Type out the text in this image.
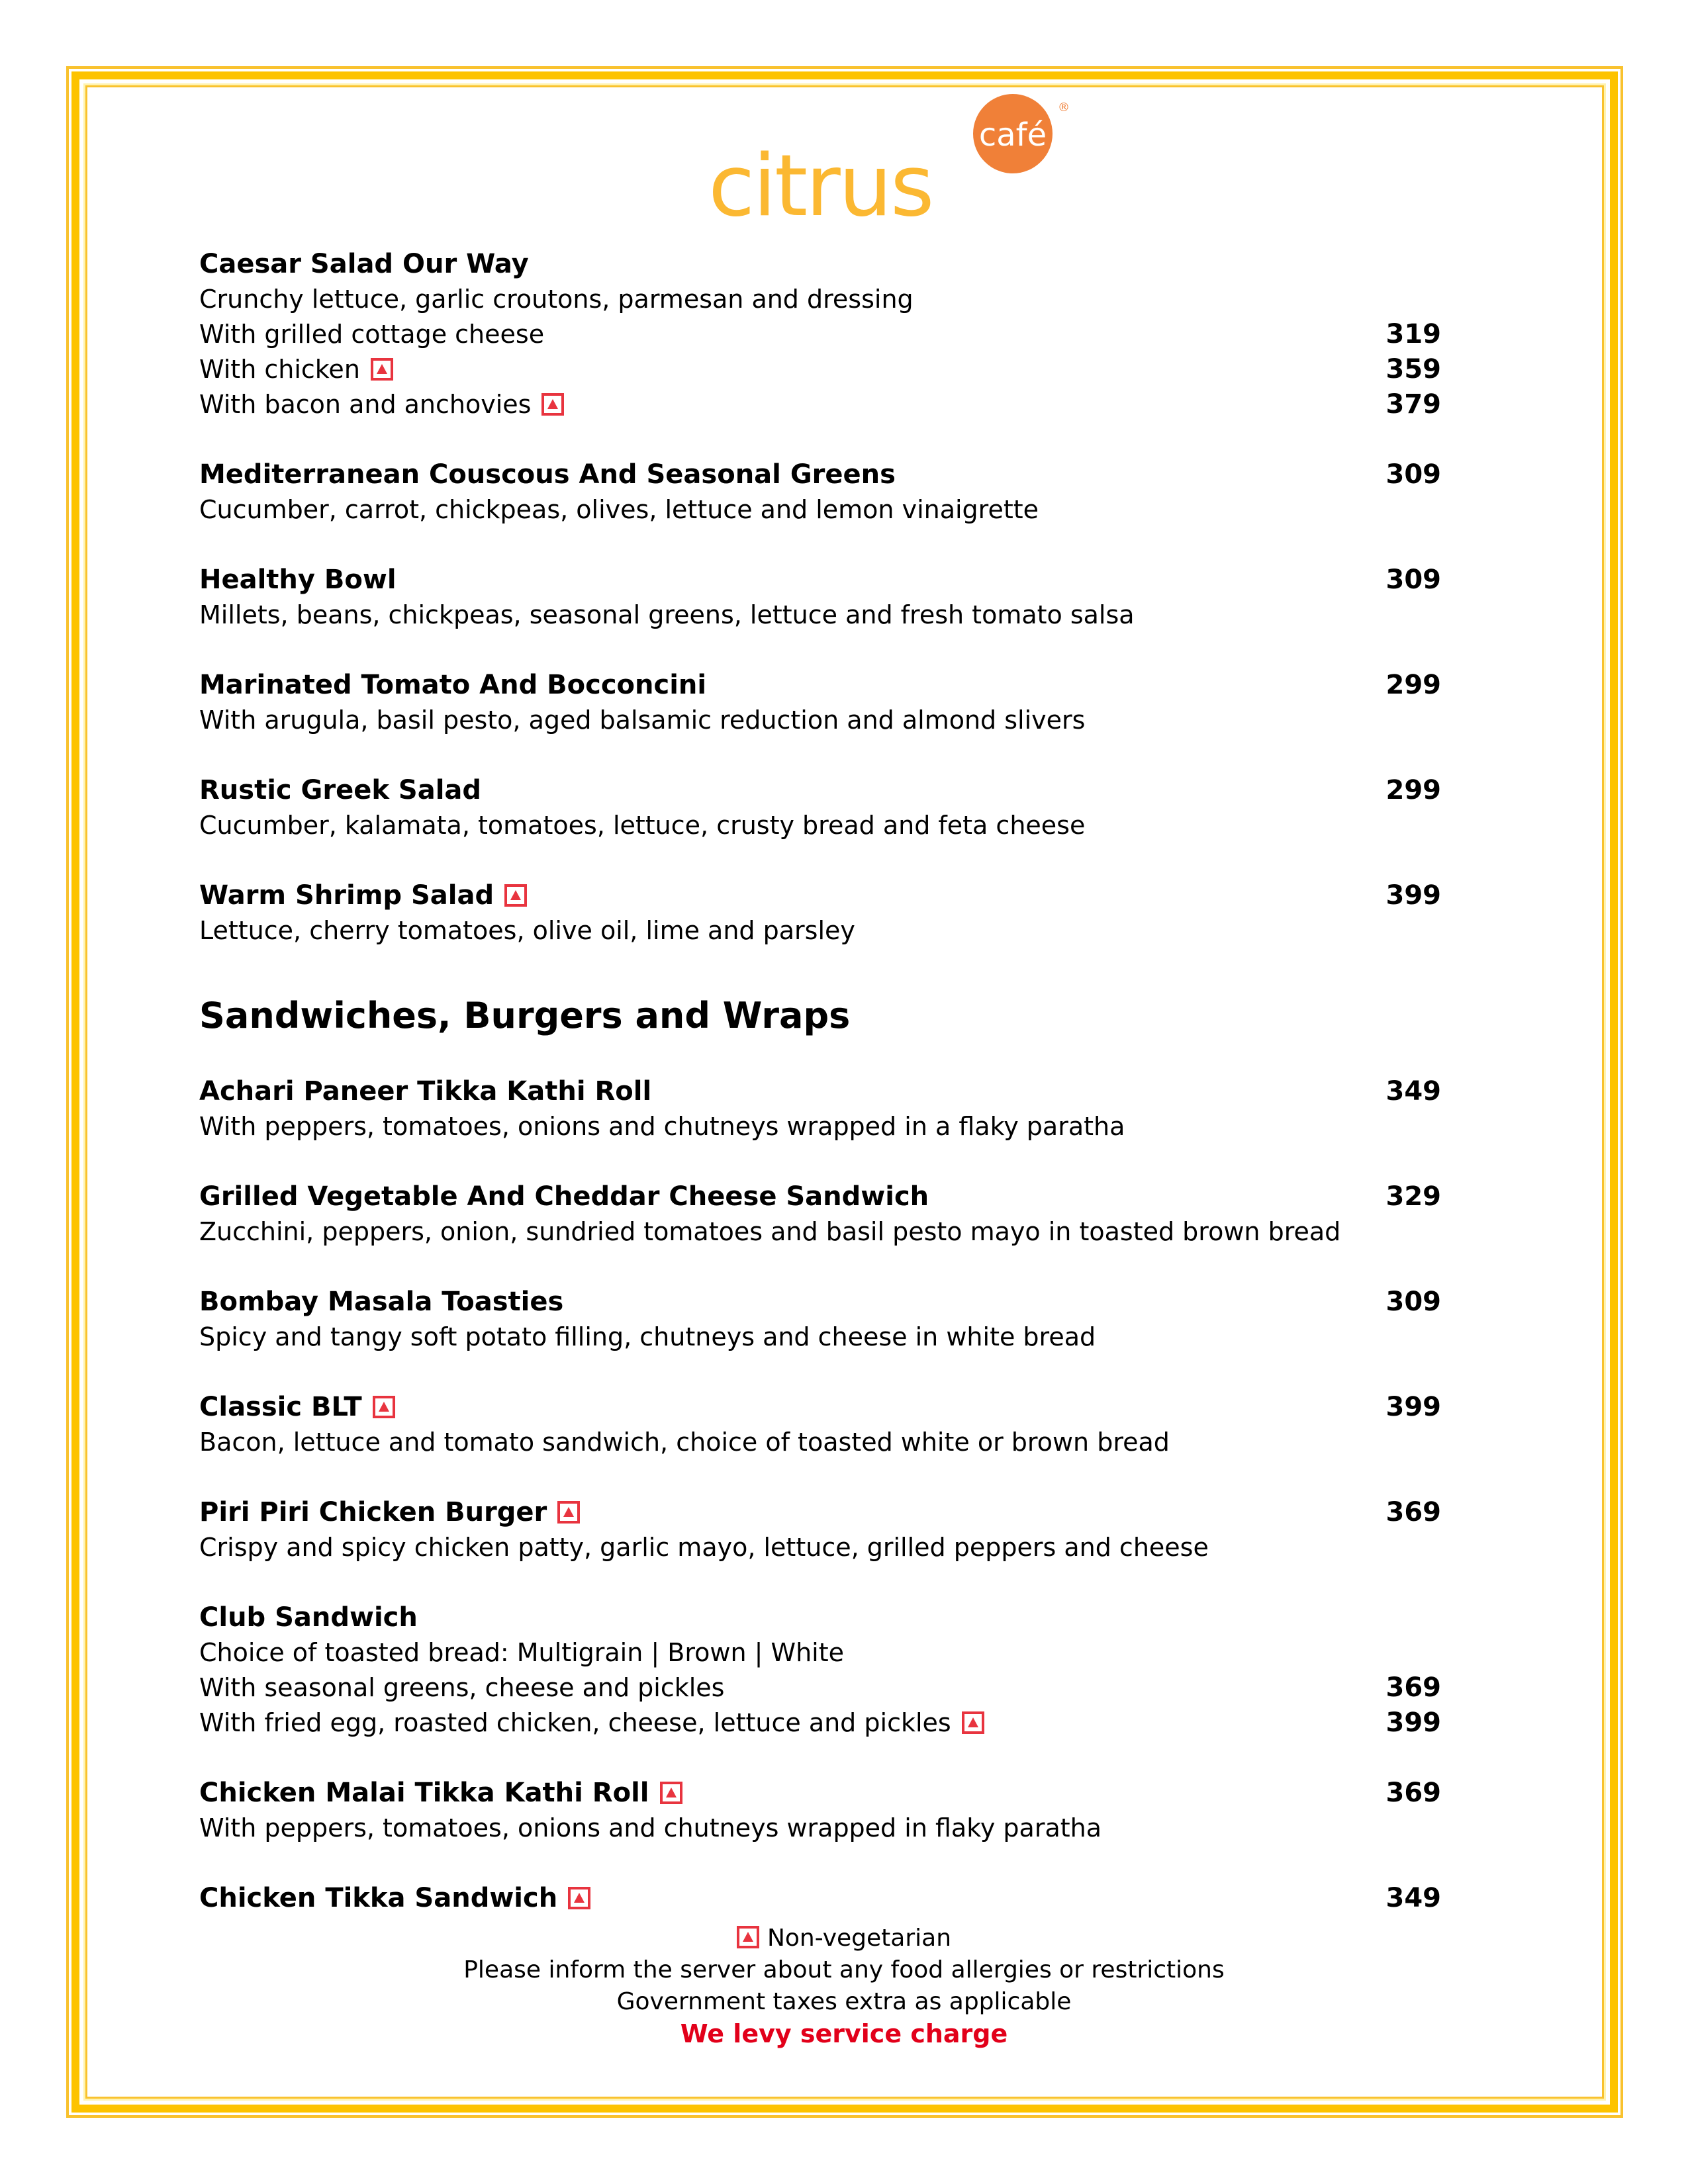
citrus
café
®
Caesar Salad Our Way
Crunchy lettuce, garlic croutons, parmesan and dressing
With grilled cottage cheese	319
With chicken	359
With bacon and anchovies	379
Mediterranean Couscous And Seasonal Greens	309
Cucumber, carrot, chickpeas, olives, lettuce and lemon vinaigrette
Healthy Bowl	309
Millets, beans, chickpeas, seasonal greens, lettuce and fresh tomato salsa
Marinated Tomato And Bocconcini	299
With arugula, basil pesto, aged balsamic reduction and almond slivers
Rustic Greek Salad	299
Cucumber, kalamata, tomatoes, lettuce, crusty bread and feta cheese
Warm Shrimp Salad	399
Lettuce, cherry tomatoes, olive oil, lime and parsley
Sandwiches, Burgers and Wraps
Achari Paneer Tikka Kathi Roll	349
With peppers, tomatoes, onions and chutneys wrapped in a flaky paratha
Grilled Vegetable And Cheddar Cheese Sandwich	329
Zucchini, peppers, onion, sundried tomatoes and basil pesto mayo in toasted brown bread
Bombay Masala Toasties	309
Spicy and tangy soft potato filling, chutneys and cheese in white bread
Classic BLT	399
Bacon, lettuce and tomato sandwich, choice of toasted white or brown bread
Piri Piri Chicken Burger	369
Crispy and spicy chicken patty, garlic mayo, lettuce, grilled peppers and cheese
Club Sandwich
Choice of toasted bread: Multigrain | Brown | White
With seasonal greens, cheese and pickles	369
With fried egg, roasted chicken, cheese, lettuce and pickles	399
Chicken Malai Tikka Kathi Roll	369
With peppers, tomatoes, onions and chutneys wrapped in flaky paratha
Chicken Tikka Sandwich	349
Non-vegetarian
Please inform the server about any food allergies or restrictions
Government taxes extra as applicable
We levy service charge
